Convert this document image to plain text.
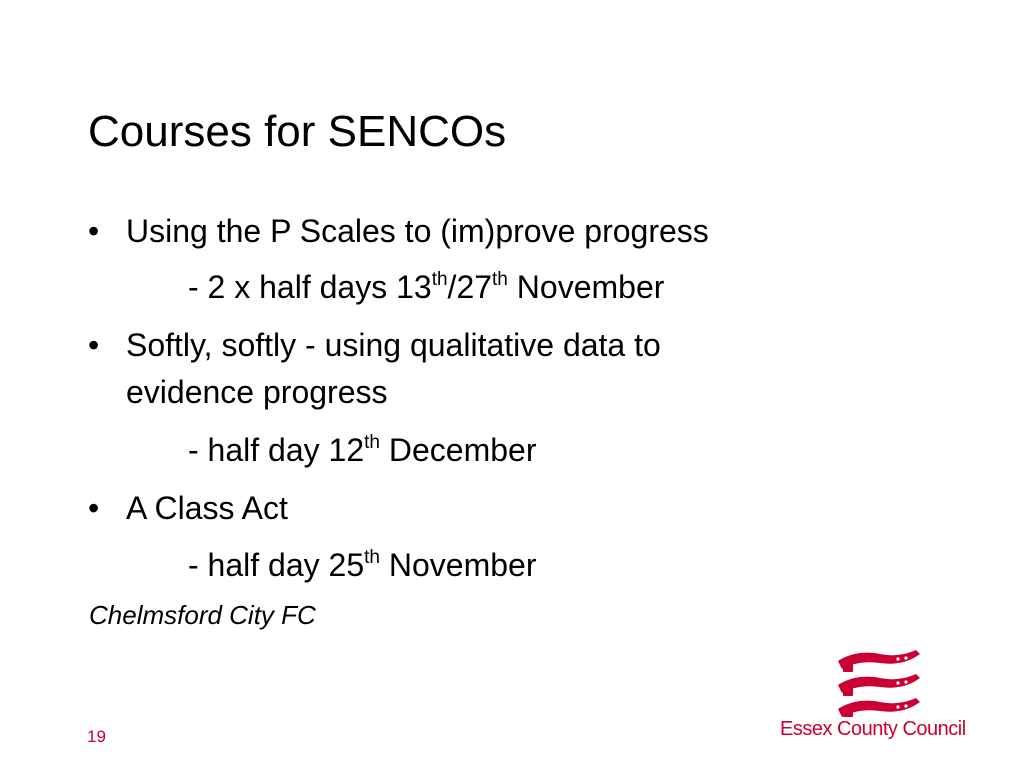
Courses for SENCOs
• Using the P Scales to (im)prove progress
- 2 x half days 13th/27th November
• Softly, softly - using qualitative data to
evidence progress
- half day 12th December
• A Class Act
- half day 25th November
Chelmsford City FC
19	Essex County Council
